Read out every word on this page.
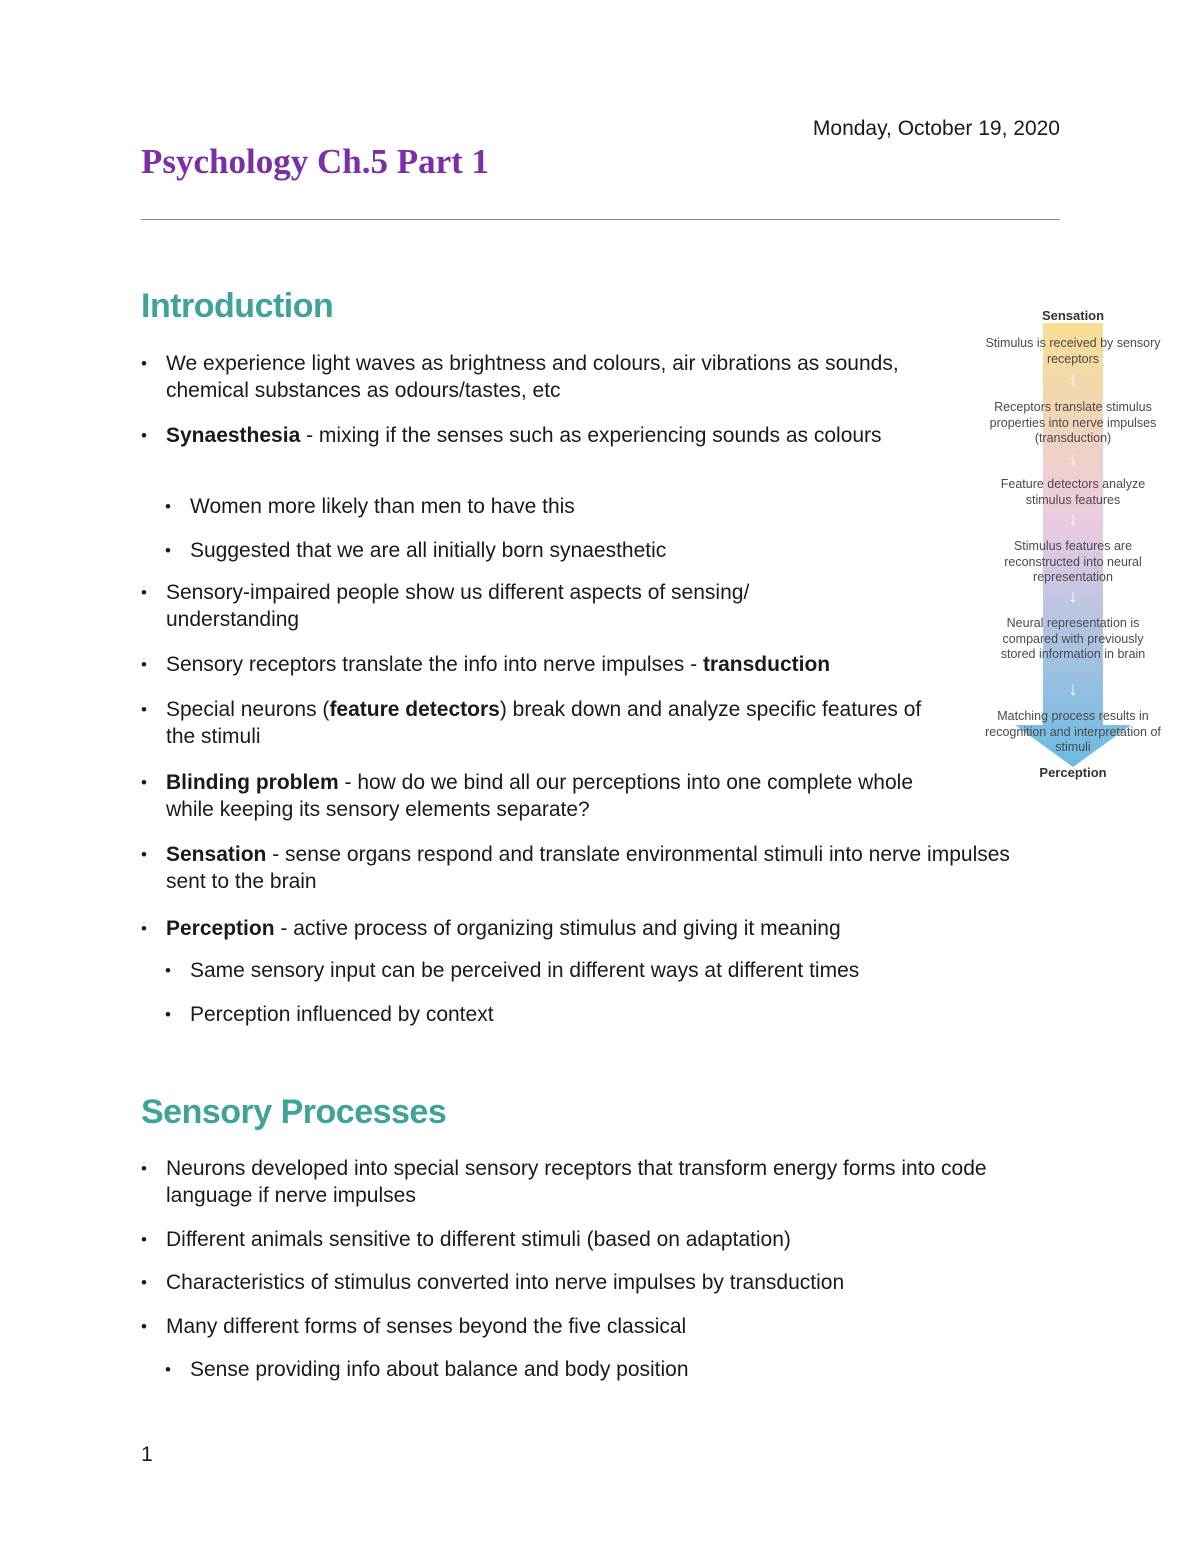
Monday, October 19, 2020
Psychology Ch.5 Part 1
Introduction
• We experience light waves as brightness and colours, air vibrations as sounds, chemical substances as odours/tastes, etc
• Synaesthesia - mixing if the senses such as experiencing sounds as colours
• Women more likely than men to have this
• Suggested that we are all initially born synaesthetic
• Sensory-impaired people show us different aspects of sensing/ understanding
• Sensory receptors translate the info into nerve impulses - transduction
• Special neurons (feature detectors) break down and analyze specific features of the stimuli
• Blinding problem - how do we bind all our perceptions into one complete whole while keeping its sensory elements separate?
• Sensation - sense organs respond and translate environmental stimuli into nerve impulses sent to the brain
• Perception - active process of organizing stimulus and giving it meaning
• Same sensory input can be perceived in different ways at different times
• Perception influenced by context
Sensory Processes
• Neurons developed into special sensory receptors that transform energy forms into code language if nerve impulses
• Different animals sensitive to different stimuli (based on adaptation)
• Characteristics of stimulus converted into nerve impulses by transduction
• Many different forms of senses beyond the five classical
• Sense providing info about balance and body position
Sensation
Stimulus is received by sensory receptors
↓
Receptors translate stimulus properties into nerve impulses (transduction)
↓
Feature detectors analyze stimulus features
↓
Stimulus features are reconstructed into neural representation
↓
Neural representation is compared with previously stored information in brain
↓
Matching process results in recognition and interpretation of stimuli
Perception
1
